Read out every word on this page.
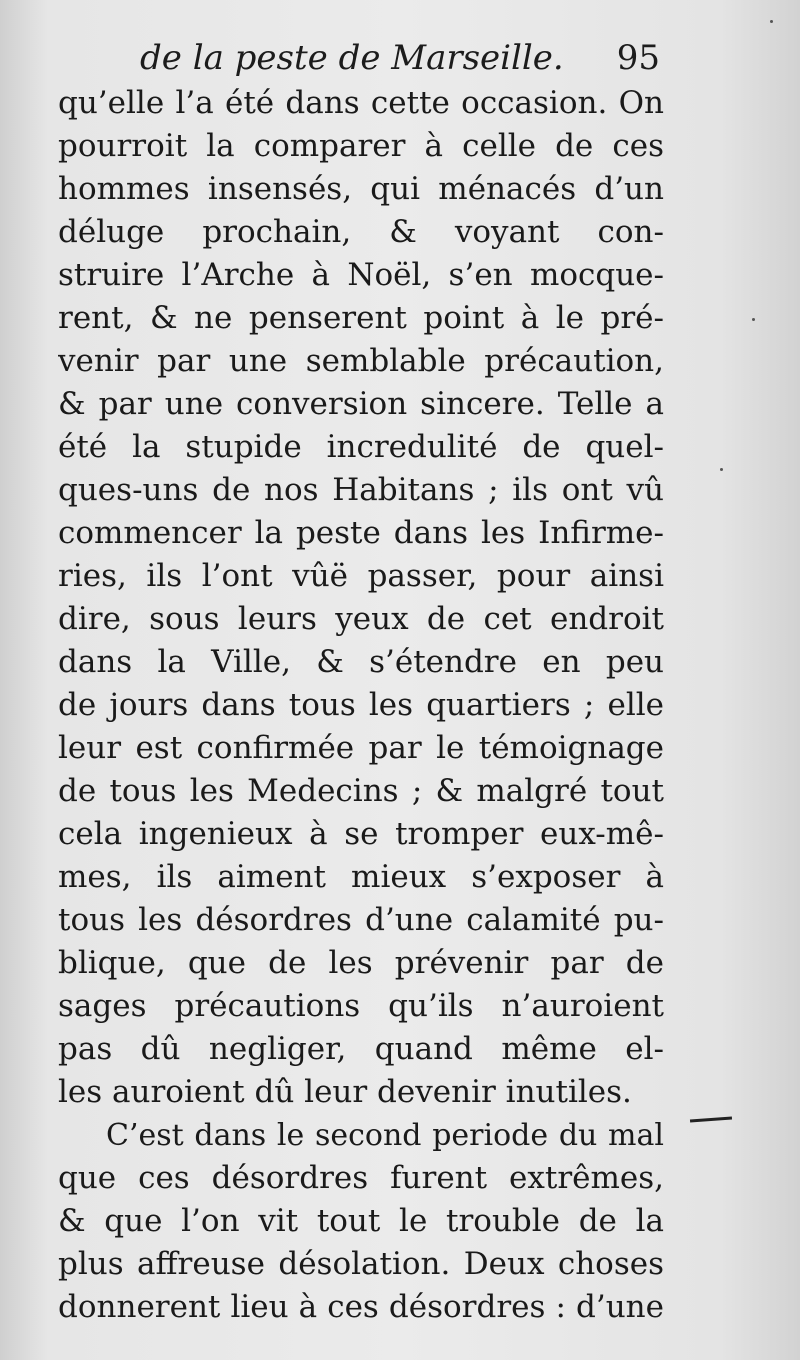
de la peste de Marseille. 95
qu’elle l’a été dans cette occasion. On
pourroit la comparer à celle de ces
hommes insensés, qui ménacés d’un
déluge prochain, & voyant con-
struire l’Arche à Noël, s’en mocque-
rent, & ne penserent point à le pré-
venir par une semblable précaution,
& par une conversion sincere. Telle a
été la stupide incredulité de quel-
ques-uns de nos Habitans ; ils ont vû
commencer la peste dans les Infirme-
ries, ils l’ont vûë passer, pour ainsi
dire, sous leurs yeux de cet endroit
dans la Ville, & s’étendre en peu
de jours dans tous les quartiers ; elle
leur est confirmée par le témoignage
de tous les Medecins ; & malgré tout
cela ingenieux à se tromper eux-mê-
mes, ils aiment mieux s’exposer à
tous les désordres d’une calamité pu-
blique, que de les prévenir par de
sages précautions qu’ils n’auroient
pas dû negliger, quand même el-
les auroient dû leur devenir inutiles.
C’est dans le second periode du mal
que ces désordres furent extrêmes,
& que l’on vit tout le trouble de la
plus affreuse désolation. Deux choses
donnerent lieu à ces désordres : d’une
